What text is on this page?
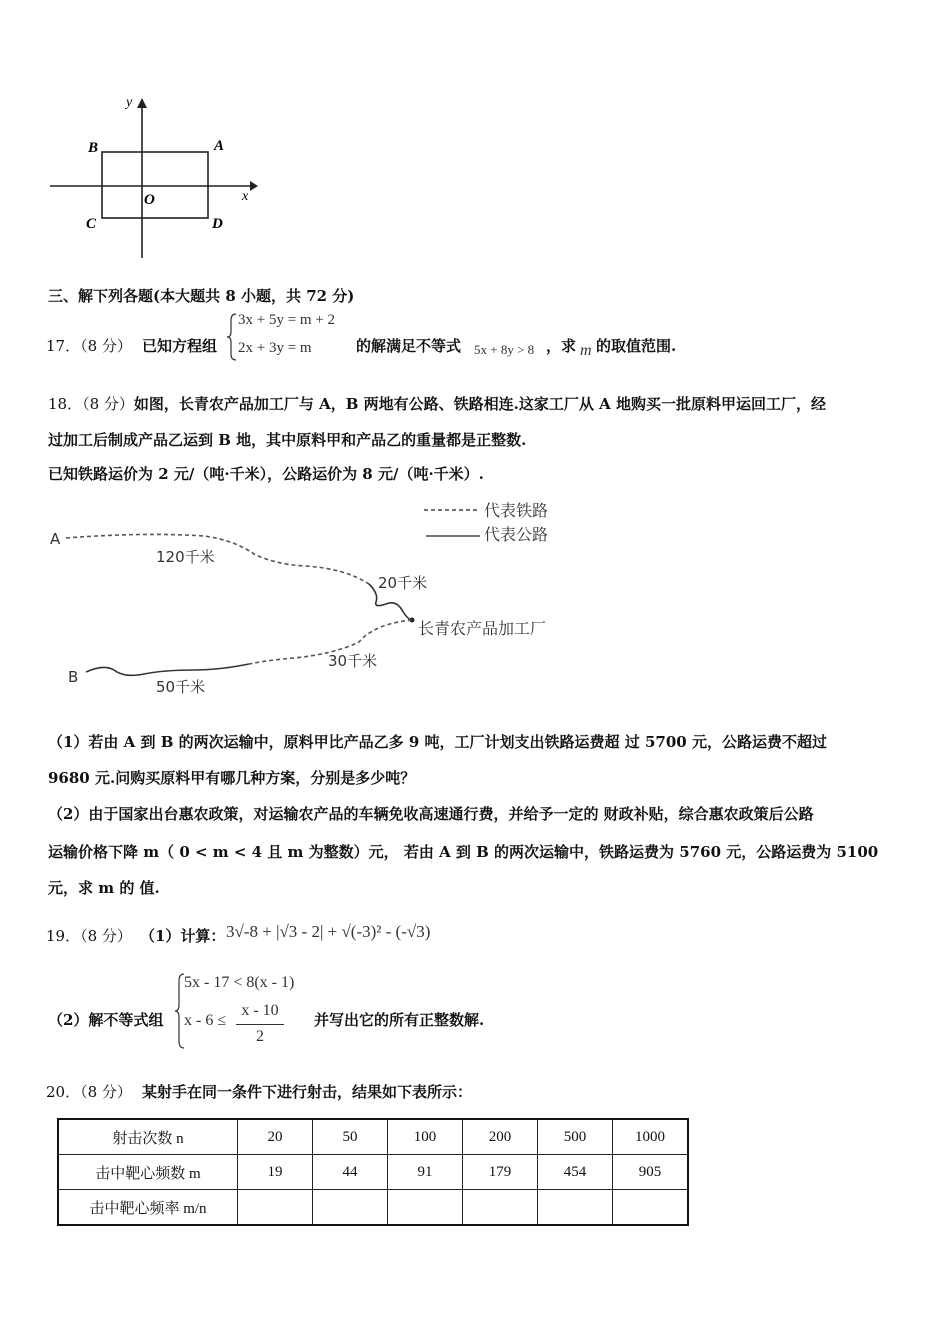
y
x
O
A
B
C	D
三、解下列各题(本大题共 8 小题，共 72 分)
17．（8 分） 已知方程组
3x + 5y = m + 2
2x + 3y = m	的解满足不等式 5x + 8y > 8 ，求 m 的取值范围.
18．（8 分）如图，长青农产品加工厂与 A，B 两地有公路、铁路相连.这家工厂从 A 地购买一批原料甲运回工厂，经
过加工后制成产品乙运到 B 地，其中原料甲和产品乙的重量都是正整数.
已知铁路运价为 2 元/（吨·千米），公路运价为 8 元/（吨·千米）.
代表铁路
代表公路
A
长青农产品加工厂
B
120千米
20千米
30千米
50千米
（1）若由 A 到 B 的两次运输中，原料甲比产品乙多 9 吨，工厂计划支出铁路运费超 过 5700 元，公路运费不超过
9680 元.问购买原料甲有哪几种方案，分别是多少吨？
（2）由于国家出台惠农政策，对运输农产品的车辆免收高速通行费，并给予一定的 财政补贴，综合惠农政策后公路
运输价格下降 m（ 0 < m < 4 且 m 为整数）元， 若由 A 到 B 的两次运输中，铁路运费为 5760 元，公路运费为 5100
元，求 m 的 值.
19．（8 分） （1）计算： 3√-8 + |√3 - 2| + √(-3)² - (-√3)
（2）解不等式组
5x - 17 < 8(x - 1)
x - 6 ≤
x - 10
2
并写出它的所有正整数解.
20．（8 分） 某射手在同一条件下进行射击，结果如下表所示：
射击次数 n	20	50	100	200	500	1000
击中靶心频数 m	19	44	91	179	454	905
击中靶心频率 m/n						
